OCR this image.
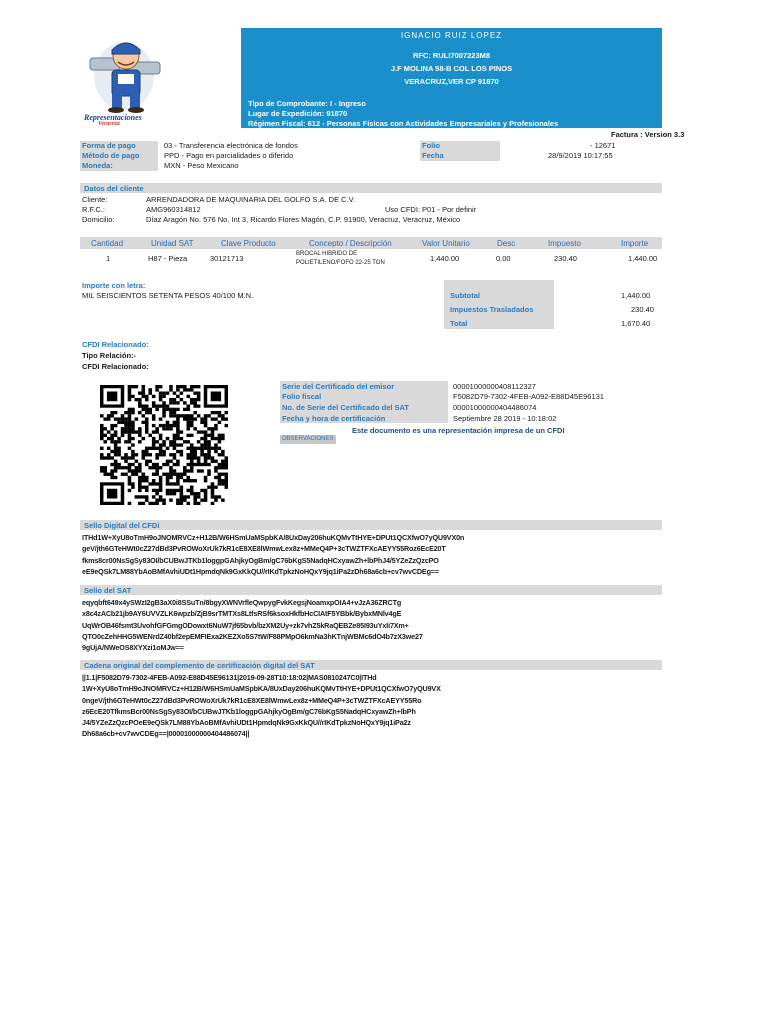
Representaciones
Veracruz
IGNACIO RUIZ LOPEZ
RFC: RULI7007223M8
J.F MOLINA 58-B COL LOS PINOS
VERACRUZ,VER CP 91870
Tipo de Comprobante: I - Ingreso
Lugar de Expedición: 91870
Régimen Fiscal: 612 - Personas Físicas con Actividades Empresariales y Profesionales
Factura : Version 3.3
Forma de pago	03 - Transferencia electrónica de fondos
Método de pago	PPD - Pago en parcialidades o diferido
Moneda:	MXN - Peso Mexicano
Folio	- 12671
Fecha	28/9/2019 10:17:55
Datos del cliente
Cliente:	ARRENDADORA DE MAQUINARIA DEL GOLFO S.A. DE C.V.
R.F.C.:	AMG960314812	Uso CFDI: P01 - Por definir
Domicilio:	Díaz Aragón No. 576 No. Int 3, Ricardo Flores Magón, C.P. 91900, Veracruz, Veracruz, México
Cantidad	Unidad SAT	Clave Producto	Concepto / Descripción	Valor Unitario	Desc	Impuesto	Importe
1	H87 - Pieza	30121713	BROCAL HIBRIDO DE
POLIETILENO/FOFO 22-25 TON	1,440.00	0.00	230.40	1,440.00
Importe con letra:
MIL SEISCIENTOS SETENTA PESOS 40/100 M.N.	Subtotal	1,440.00
Impuestos Trasladados	230.40
Total	1,670.40
CFDI Relacionado:
Tipo Relación:-
CFDI Relacionado:
Serie del Certificado del emisor	00001000000408112327
Folio fiscal	F5082D79-7302-4FEB-A092-E88D45E96131
No. de Serie del Certificado del SAT	00001000000404486074
Fecha y hora de certificación	Septiembre 28 2019 - 10:18:02
Este documento es una representación impresa de un CFDI
OBSERVACIONES
Sello Digital del CFDi
ITHd1W+XyU8oTmH9oJNOMRVCz+H12B/W6HSmUaMSpbKA/8UxDay206huKQMvTtHYE+DPUt1QCXfwO7yQU9VX0n
geV/jth6GTeHWt0cZ27dBd3PvROWoXrUk7kR1cE8XE8lWmwLex8z+MMeQ4P+3cTWZTFXcAEYY55Roz6EcE20T
fkms8cr00NsSgSy83OI/bCUBwJTKb1loggpGAhjkyOgBm/gC76bKgS5NadqHCxyawZh+lbPhJ4/5YZeZzQzcPO
eE9eQSk7LM88YbAoBMfAvhiUDt1HpmdqNk9GxKkQU//rIKdTpkzNoHQxY9jq1iPa2zDh68a6cb+cv7wvCDEg==
Sello del SAT
eqyqbft649x4ySWzI2gB3aX0i8SSuTn/8bgyXWNVrfleQwpygFvkKegsjNoamxpOIA4+vJzA36ZRCTg
x8c4zACb21jb9AY6UVVZLK6wpzb/ZjB9srTMTXs8LtfsRSf6ksoxHkfbHcCIAtF5YBbk/BybxMNlv4gE
UqWrOB46fsmt3UvohfGFGmgODowxt6NuW7jf65bvb/bzXM2Uy+zk7vhZ5kRaQEBZe85I93uYxIi7Xm+
QTO0cZehHHG5WENrdZ40bf2epEMFIExa2KEZXo5S7tW/F88PMpO6kmNa3hKTnjWBMc6dO4b7zX3we27
9gUjA/NWeOS8XYXzi1oMJw==
Cadena original del complemento de certificación digital del SAT
||1.1|F5082D79-7302-4FEB-A092-E88D45E96131|2019-09-28T10:18:02|MAS0810247C0|ITHd
1W+XyU8oTmH9oJNOMRVCz+H12B/W6HSmUaMSpbKA/8UxDay206huKQMvTtHYE+DPUt1QCXfwO7yQU9VX
0ngeV/jth6GTeHWt0cZ27dBd3PvROWoXrUk7kR1cE8XE8lWmwLex8z+MMeQ4P+3cTWZTFXcAEYY55Ro
z6EcE20TfkmsBcr00NsSgSy83OI/bCUBwJTKb1loggpGAhjkyOgBm/gC76bKgS5NadqHCxyawZh+lbPh
J4/5YZeZzQzcPOeE9eQSk7LM88YbAoBMfAvhiUDt1HpmdqNk9GxKkQU//rIKdTpkzNoHQxY9jq1iPa2z
Dh68a6cb+cv7wvCDEg==|00001000000404486074||
